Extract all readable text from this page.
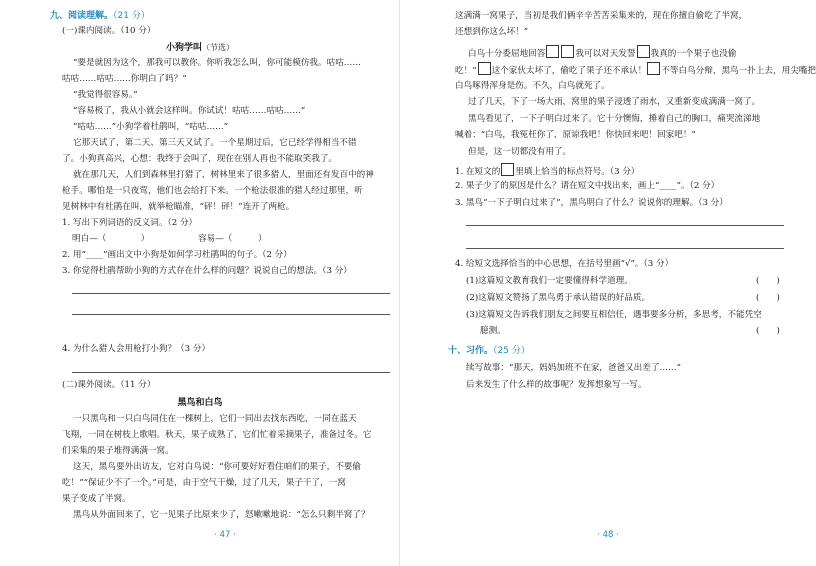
九、阅读理解。（21 分）
(一)课内阅读。（10 分）
小狗学叫（节选）
“要是就因为这个，那我可以教你。你听我怎么叫，你可能模仿我。咕咕……
咕咕……咕咕……你明白了吗？”
“我觉得很容易。”
“容易极了，我从小就会这样叫。你试试！咕咕……咕咕……”
“咕咕……”小狗学着杜鹃叫，“咕咕……”
它那天试了，第二天、第三天又试了。一个星期过后，它已经学得相当不错
了。小狗真高兴，心想：我终于会叫了，现在在别人再也不能取笑我了。
就在那几天，人们到森林里打猎了，树林里来了很多猎人，里面还有发百中的神
枪手。哪怕是一只夜莺，他们也会给打下来。一个枪法很准的猎人经过那里，听
见树林中有杜鹃在叫，就举枪瞄准，“砰！砰！”连开了两枪。
1. 写出下列词语的反义词。（2 分）
明白—（　　　　）	容易—（　　　）
2. 用“____”画出文中小狗是如何学习杜鹃叫的句子。（2 分）
3. 你觉得杜鹃帮助小狗的方式存在什么样的问题？说说自己的想法。（3 分）
4. 为什么猎人会用枪打小狗？（3 分）
(二)课外阅读。（11 分）
黑鸟和白鸟
一只黑鸟和一只白鸟同住在一棵树上，它们一同出去找东西吃，一同在蓝天
飞翔，一同在树枝上歌唱。秋天，果子成熟了，它们忙着采摘果子，准备过冬。它
们采集的果子堆得满满一窝。
这天，黑鸟要外出访友，它对白鸟说：“你可要好好看住咱们的果子，不要偷
吃！”“保证少不了一个。”可是，由于空气干燥，过了几天，果子干了，一窝
果子变成了半窝。
黑鸟从外面回来了，它一见果子比原来少了，怒嗽嗽地说：“怎么只剩半窝了？
· 47 ·
这满满一窝果子，当初是我们俩辛辛苦苦采集来的，现在你擅自偷吃了半窝，
还想到你这么坏！”
白鸟十分委屈地回答	我可以对天发誓 我真的一个果子也没偷
吃！” 这个家伙太坏了，偷吃了果子还不承认！ 不等白鸟分辩，黑鸟一扑上去，用尖嘴把
白鸟啄得浑身是伤。不久，白鸟就死了。
过了几天，下了一场大雨，窝里的果子浸透了雨水，又重新变成满满一窝了。
黑鸟看见了，一下子明白过来了。它十分懊悔，捶着自己的胸口，痛哭流涕地
喊着：“白鸟，我冤枉你了，原谅我吧！你快回来吧！回家吧！”
但是，这一切都没有用了。
1. 在短文的 里填上恰当的标点符号。（3 分）
2. 果子少了的原因是什么？请在短文中找出来，画上“____”。（2 分）
3. 黑鸟“一下子明白过来了”，黑鸟明白了什么？说说你的理解。（3 分）
4. 给短文选择恰当的中心思想，在括号里画“√”。（3 分）
(1)这篇短文教育我们一定要懂得科学道理。	(　　)
(2)这篇短文赞扬了黑鸟勇于承认错误的好品质。	(　　)
(3)这篇短文告诉我们朋友之间要互相信任，遇事要多分析，多思考，不能凭空
臆测。	(　　)
十、习作。（25 分）
续写故事：“那天，妈妈加班不在家，爸爸又出差了……”
后来发生了什么样的故事呢？发挥想象写一写。
· 48 ·
